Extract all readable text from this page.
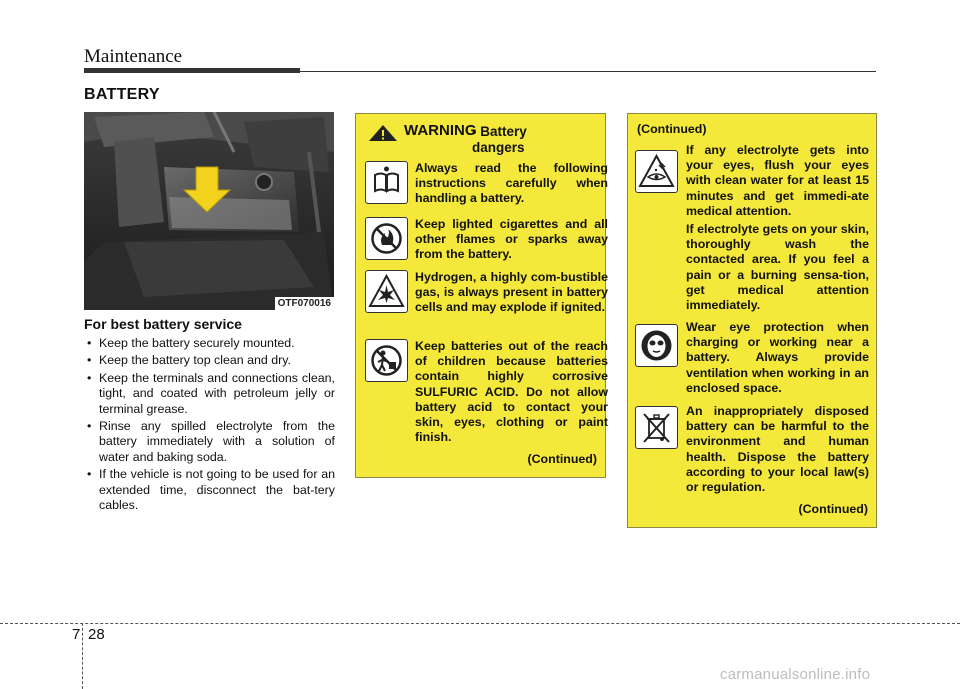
Maintenance
BATTERY
OTF070016
For best battery service
• Keep the battery securely mounted.
• Keep the battery top clean and dry.
• Keep the terminals and connections clean, tight, and coated with petroleum jelly or terminal grease.
• Rinse any spilled electrolyte from the battery immediately with a solution of water and baking soda.
• If the vehicle is not going to be used for an extended time, disconnect the bat-tery cables.
WARNING
- Battery dangers
Always read the following instructions carefully when handling a battery.
Keep lighted cigarettes and all other flames or sparks away from the battery.
Hydrogen, a highly com-bustible gas, is always present in battery cells and may explode if ignited.
Keep batteries out of the reach of children because batteries contain highly corrosive SULFURIC ACID. Do not allow battery acid to contact your skin, eyes, clothing or paint finish.
(Continued)
(Continued)
If any electrolyte gets into your eyes, flush your eyes with clean water for at least 15 minutes and get immedi-ate medical attention.
If electrolyte gets on your skin, thoroughly wash the contacted area. If you feel a pain or a burning sensa-tion, get medical attention immediately.
Wear eye protection when charging or working near a battery. Always provide ventilation when working in an enclosed space.
An inappropriately disposed battery can be harmful to the environment and human health. Dispose the battery according to your local law(s) or regulation.
(Continued)
7 28
carmanualsonline.info
